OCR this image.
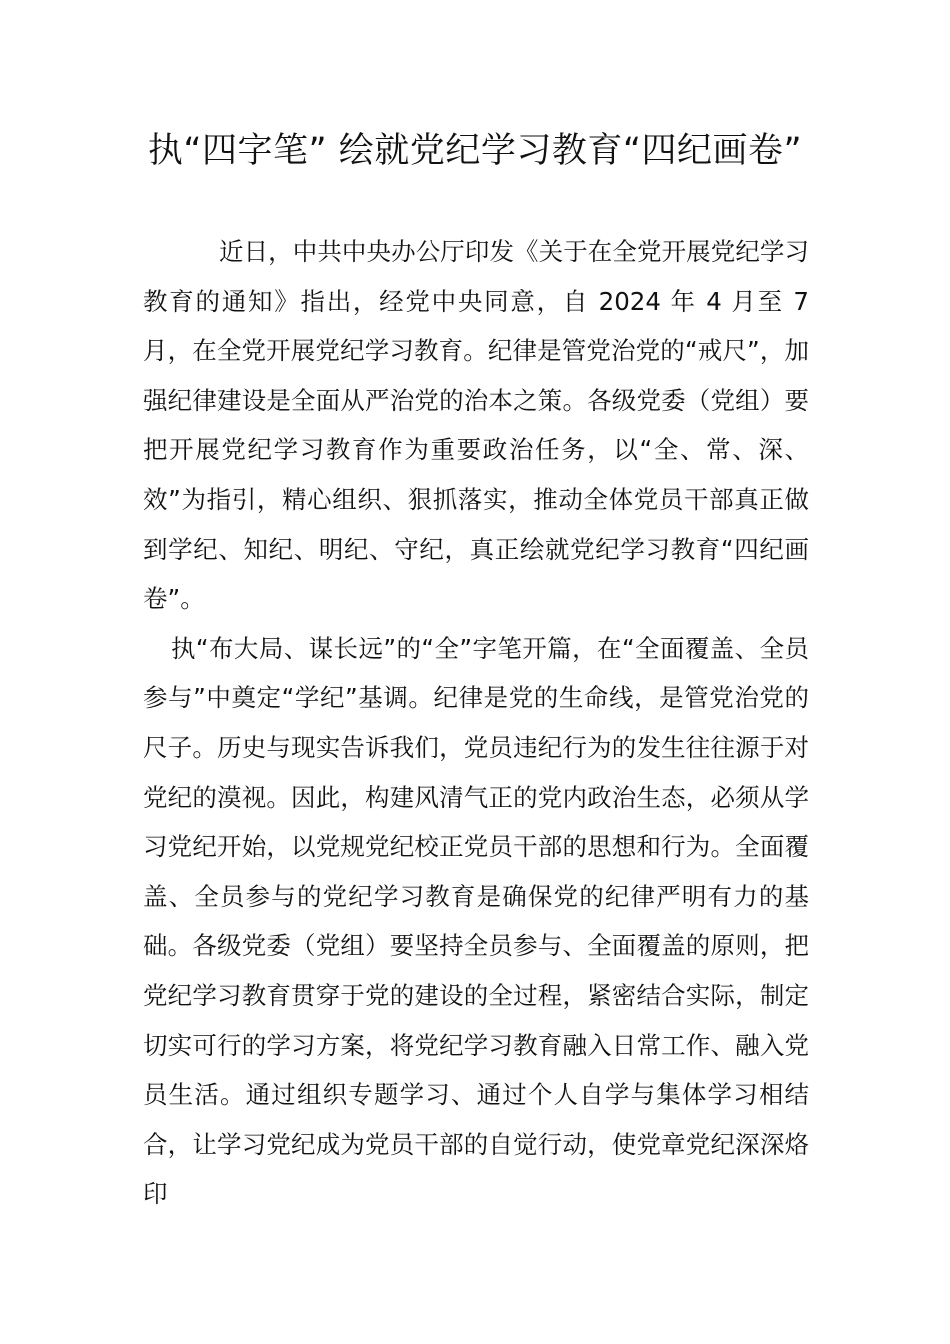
执“四字笔” 绘就党纪学习教育“四纪画卷”

近日，中共中央办公厅印发《关于在全党开展党纪学习教育的通知》指出，经党中央同意，自 2024 年 4 月至 7 月，在全党开展党纪学习教育。纪律是管党治党的“戒尺”，加强纪律建设是全面从严治党的治本之策。各级党委（党组）要把开展党纪学习教育作为重要政治任务，以“全、常、深、效”为指引，精心组织、狠抓落实，推动全体党员干部真正做到学纪、知纪、明纪、守纪，真正绘就党纪学习教育“四纪画卷”。

执“布大局、谋长远”的“全”字笔开篇，在“全面覆盖、全员参与”中奠定“学纪”基调。纪律是党的生命线，是管党治党的尺子。历史与现实告诉我们，党员违纪行为的发生往往源于对党纪的漠视。因此，构建风清气正的党内政治生态，必须从学习党纪开始，以党规党纪校正党员干部的思想和行为。全面覆盖、全员参与的党纪学习教育是确保党的纪律严明有力的基础。各级党委（党组）要坚持全员参与、全面覆盖的原则，把党纪学习教育贯穿于党的建设的全过程，紧密结合实际，制定切实可行的学习方案，将党纪学习教育融入日常工作、融入党员生活。通过组织专题学习、通过个人自学与集体学习相结合，让学习党纪成为党员干部的自觉行动，使党章党纪深深烙印
